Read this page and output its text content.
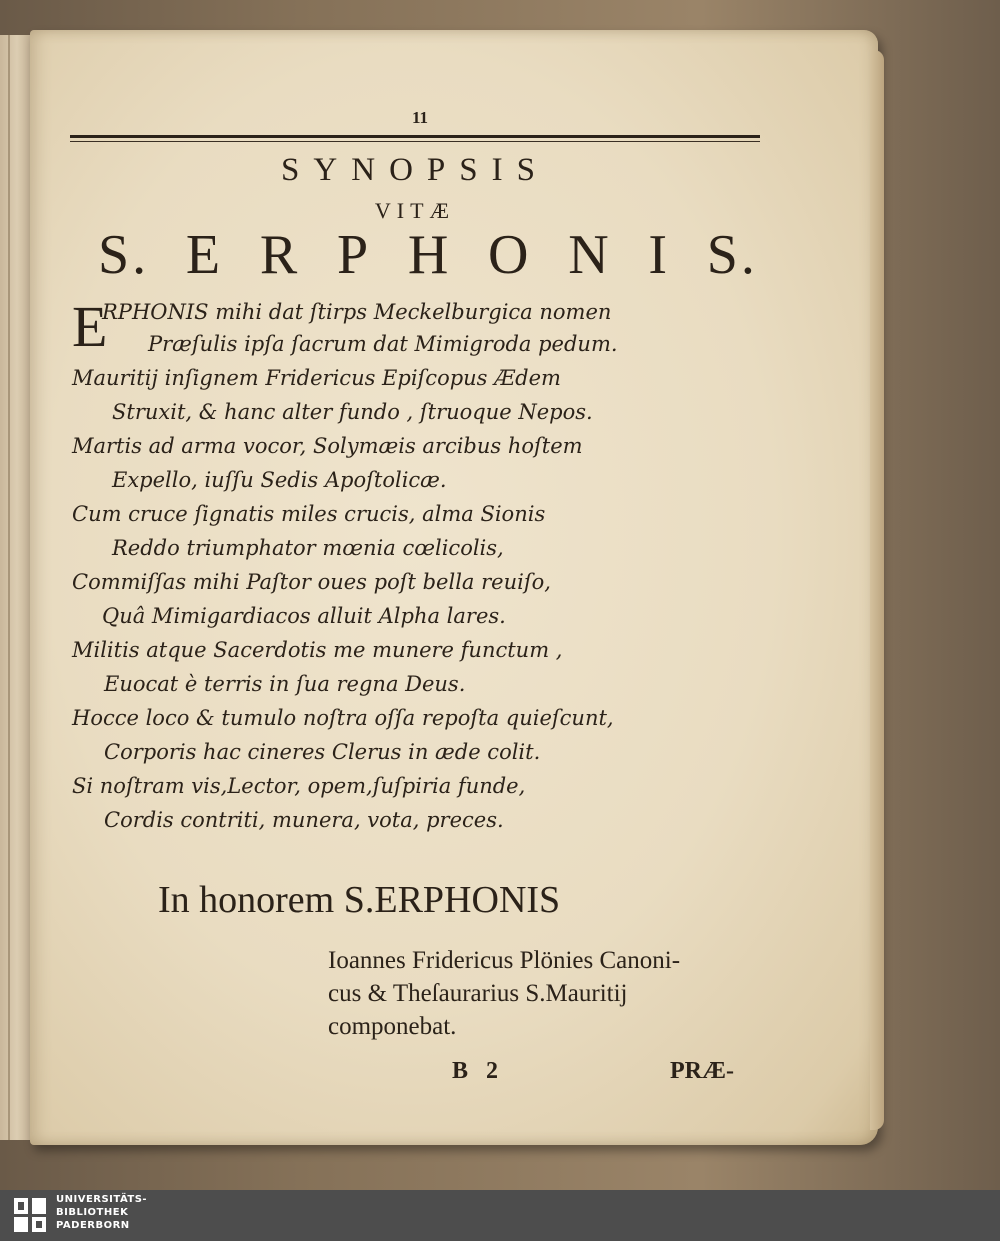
11
SYNOPSIS
VITÆ
S. E R P H O N I S.
E
RPHONIS mihi dat ſtirps Meckelburgica nomen
Præſulis ipſa ſacrum dat Mimigroda pedum.
Mauritij inſignem Fridericus Epiſcopus Ædem
Struxit, & hanc alter fundo , ſtruoque Nepos.
Martis ad arma vocor, Solymæis arcibus hoſtem
Expello, iuſſu Sedis Apoſtolicæ.
Cum cruce ſignatis miles crucis, alma Sionis
Reddo triumphator mœnia cœlicolis,
Commiſſas mihi Paſtor oues poſt bella reuiſo,
Quâ Mimigardiacos alluit Alpha lares.
Militis atque Sacerdotis me munere functum ,
Euocat è terris in ſua regna Deus.
Hocce loco & tumulo noſtra oſſa repoſta quieſcunt,
Corporis hac cineres Clerus in æde colit.
Si noſtram vis,Lector, opem,ſuſpiria funde,
Cordis contriti, munera, vota, preces.
In honorem S.ERPHONIS
Ioannes Fridericus Plönies Canoni-
cus & Theſaurarius S.Mauritij
componebat.
B 2	PRÆ-
UNIVERSITÄTS-
BIBLIOTHEK
PADERBORN
